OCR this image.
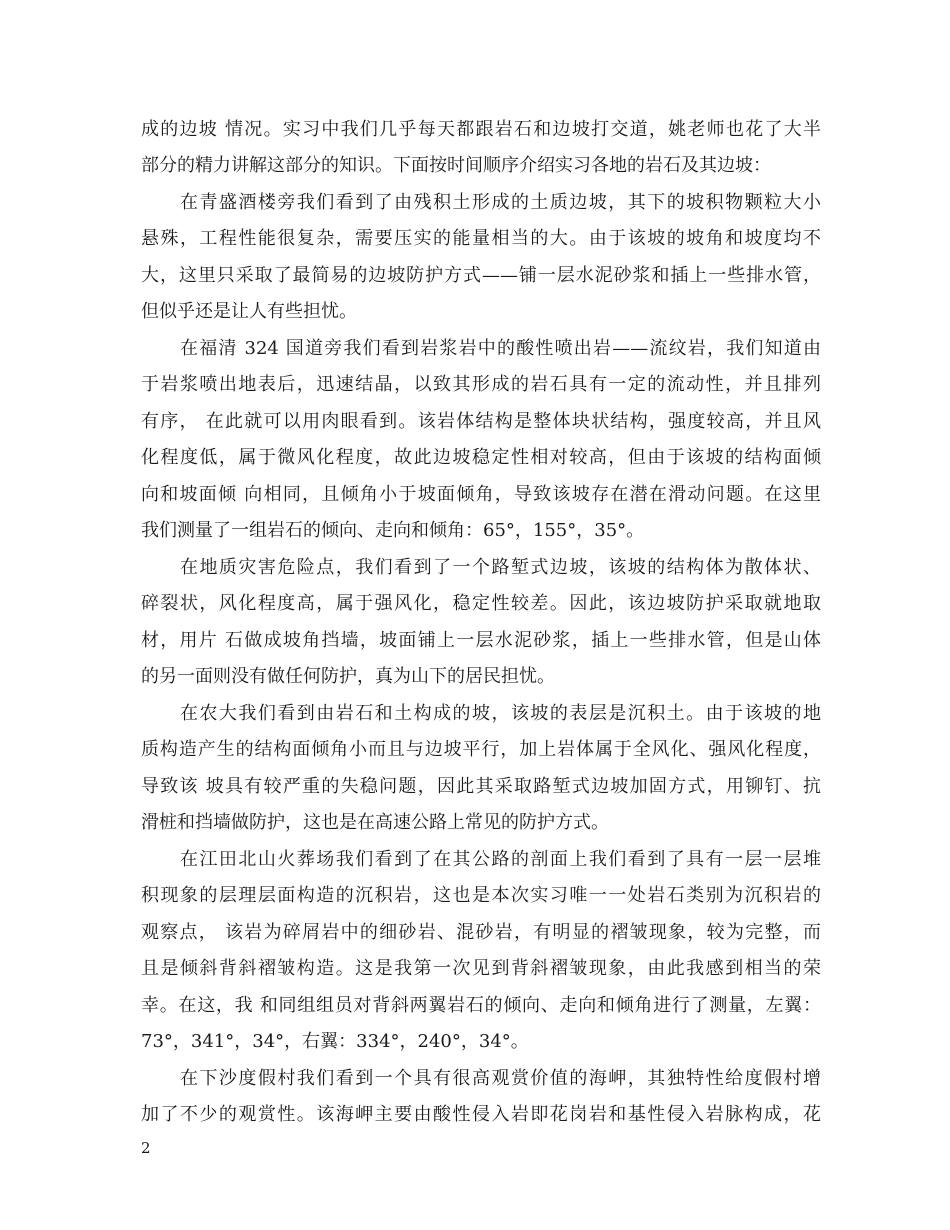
成的边坡 情况。实习中我们几乎每天都跟岩石和边坡打交道，姚老师也花了大半
部分的精力讲解这部分的知识。下面按时间顺序介绍实习各地的岩石及其边坡：
在青盛酒楼旁我们看到了由残积土形成的土质边坡，其下的坡积物颗粒大小
悬殊，工程性能很复杂，需要压实的能量相当的大。由于该坡的坡角和坡度均不
大，这里只采取了最简易的边坡防护方式——铺一层水泥砂浆和插上一些排水管，
但似乎还是让人有些担忧。
在福清 324 国道旁我们看到岩浆岩中的酸性喷出岩——流纹岩，我们知道由
于岩浆喷出地表后，迅速结晶，以致其形成的岩石具有一定的流动性，并且排列
有序， 在此就可以用肉眼看到。该岩体结构是整体块状结构，强度较高，并且风
化程度低，属于微风化程度，故此边坡稳定性相对较高，但由于该坡的结构面倾
向和坡面倾 向相同，且倾角小于坡面倾角，导致该坡存在潜在滑动问题。在这里
我们测量了一组岩石的倾向、走向和倾角：65°，155°，35°。
在地质灾害危险点，我们看到了一个路堑式边坡，该坡的结构体为散体状、
碎裂状，风化程度高，属于强风化，稳定性较差。因此，该边坡防护采取就地取
材，用片 石做成坡角挡墙，坡面铺上一层水泥砂浆，插上一些排水管，但是山体
的另一面则没有做任何防护，真为山下的居民担忧。
在农大我们看到由岩石和土构成的坡，该坡的表层是沉积土。由于该坡的地
质构造产生的结构面倾角小而且与边坡平行，加上岩体属于全风化、强风化程度，
导致该 坡具有较严重的失稳问题，因此其采取路堑式边坡加固方式，用铆钉、抗
滑桩和挡墙做防护，这也是在高速公路上常见的防护方式。
在江田北山火葬场我们看到了在其公路的剖面上我们看到了具有一层一层堆
积现象的层理层面构造的沉积岩，这也是本次实习唯一一处岩石类别为沉积岩的
观察点， 该岩为碎屑岩中的细砂岩、混砂岩，有明显的褶皱现象，较为完整，而
且是倾斜背斜褶皱构造。这是我第一次见到背斜褶皱现象，由此我感到相当的荣
幸。在这，我 和同组组员对背斜两翼岩石的倾向、走向和倾角进行了测量，左翼：
73°，341°，34°，右翼：334°，240°，34°。
在下沙度假村我们看到一个具有很高观赏价值的海岬，其独特性给度假村增
加了不少的观赏性。该海岬主要由酸性侵入岩即花岗岩和基性侵入岩脉构成，花
2
